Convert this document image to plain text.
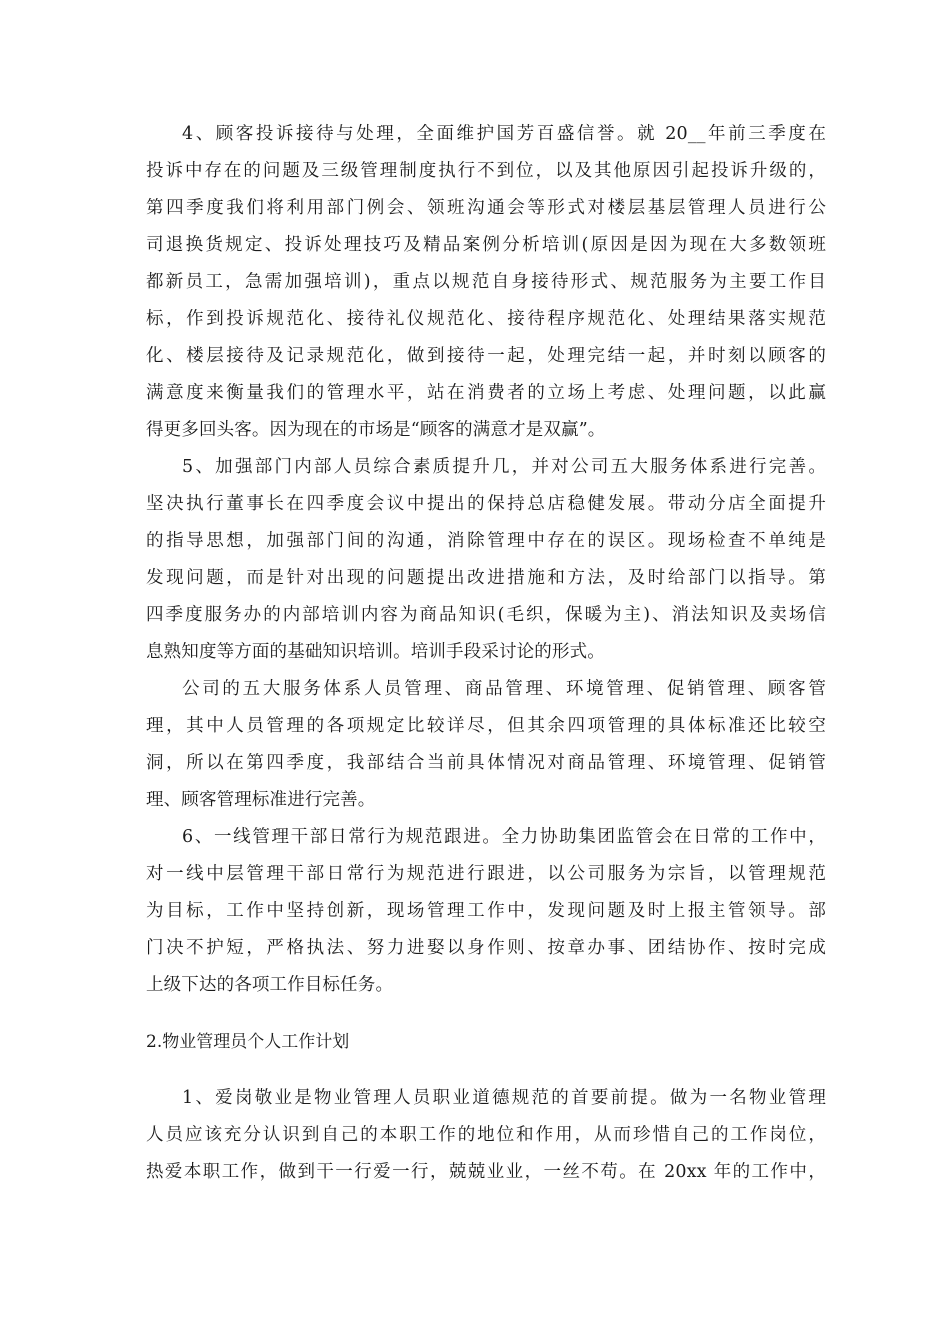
4、顾客投诉接待与处理，全面维护国芳百盛信誉。就 20__年前三季度在
投诉中存在的问题及三级管理制度执行不到位，以及其他原因引起投诉升级的，
第四季度我们将利用部门例会、领班沟通会等形式对楼层基层管理人员进行公
司退换货规定、投诉处理技巧及精品案例分析培训(原因是因为现在大多数领班
都新员工，急需加强培训)，重点以规范自身接待形式、规范服务为主要工作目
标，作到投诉规范化、接待礼仪规范化、接待程序规范化、处理结果落实规范
化、楼层接待及记录规范化，做到接待一起，处理完结一起，并时刻以顾客的
满意度来衡量我们的管理水平，站在消费者的立场上考虑、处理问题，以此赢
得更多回头客。因为现在的市场是“顾客的满意才是双赢”。
5、加强部门内部人员综合素质提升几，并对公司五大服务体系进行完善。
坚决执行董事长在四季度会议中提出的保持总店稳健发展。带动分店全面提升
的指导思想，加强部门间的沟通，消除管理中存在的误区。现场检查不单纯是
发现问题，而是针对出现的问题提出改进措施和方法，及时给部门以指导。第
四季度服务办的内部培训内容为商品知识(毛织，保暖为主)、消法知识及卖场信
息熟知度等方面的基础知识培训。培训手段采讨论的形式。
公司的五大服务体系人员管理、商品管理、环境管理、促销管理、顾客管
理，其中人员管理的各项规定比较详尽，但其余四项管理的具体标准还比较空
洞，所以在第四季度，我部结合当前具体情况对商品管理、环境管理、促销管
理、顾客管理标准进行完善。
6、一线管理干部日常行为规范跟进。全力协助集团监管会在日常的工作中，
对一线中层管理干部日常行为规范进行跟进，以公司服务为宗旨，以管理规范
为目标，工作中坚持创新，现场管理工作中，发现问题及时上报主管领导。部
门决不护短，严格执法、努力进娶以身作则、按章办事、团结协作、按时完成
上级下达的各项工作目标任务。
2.物业管理员个人工作计划
1、爱岗敬业是物业管理人员职业道德规范的首要前提。做为一名物业管理
人员应该充分认识到自己的本职工作的地位和作用，从而珍惜自己的工作岗位，
热爱本职工作，做到干一行爱一行，兢兢业业，一丝不苟。在 20xx 年的工作中，
